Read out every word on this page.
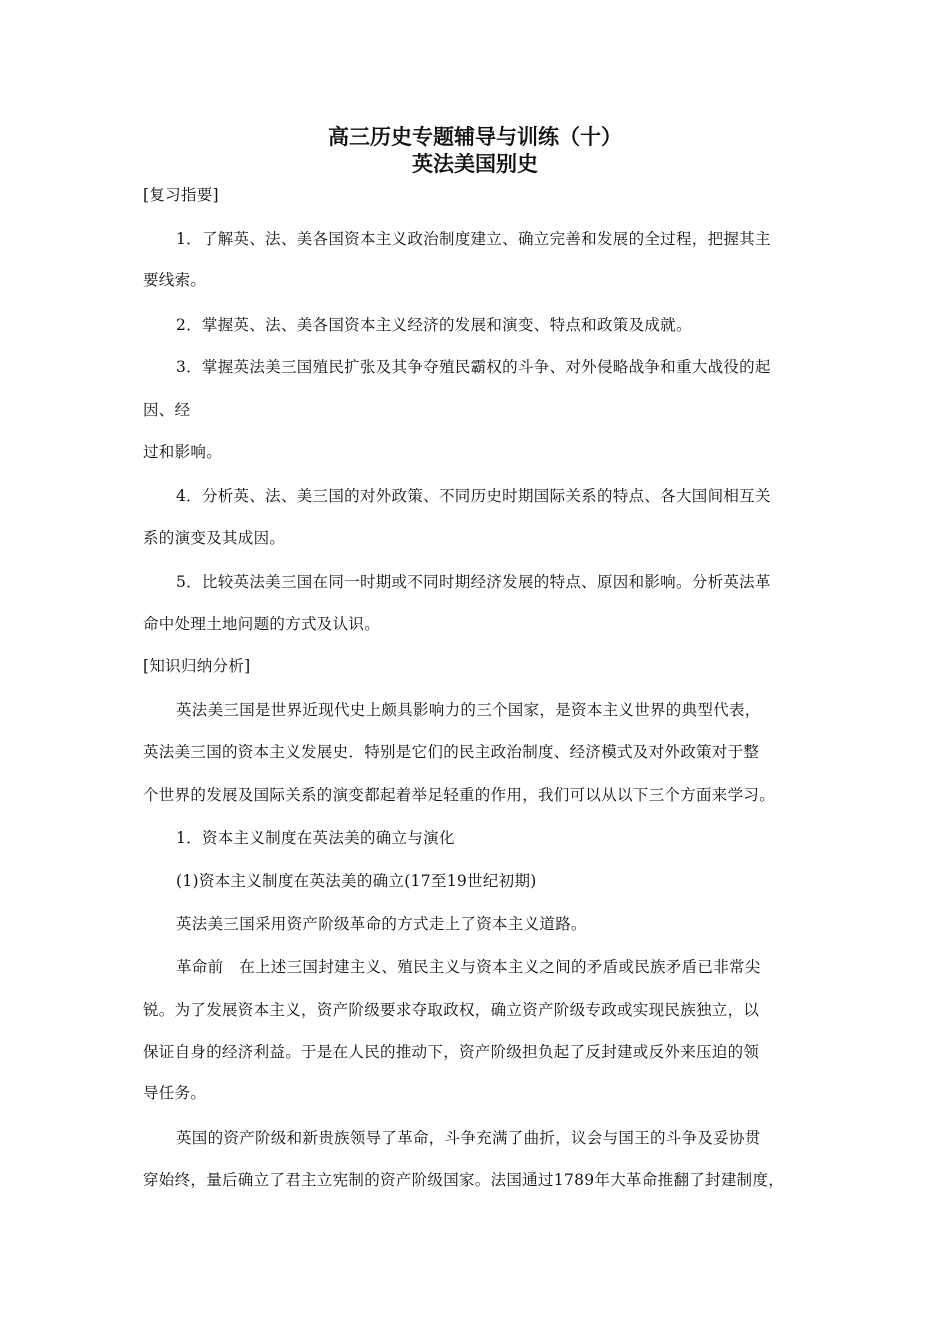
高三历史专题辅导与训练（十）
英法美国别史
[复习指要]
1．了解英、法、美各国资本主义政治制度建立、确立完善和发展的全过程，把握其主
要线索。
2．掌握英、法、美各国资本主义经济的发展和演变、特点和政策及成就。
3．掌握英法美三国殖民扩张及其争夺殖民霸权的斗争、对外侵略战争和重大战役的起
因、经
过和影响。
4．分析英、法、美三国的对外政策、不同历史时期国际关系的特点、各大国间相互关
系的演变及其成因。
5．比较英法美三国在同一时期或不同时期经济发展的特点、原因和影响。分析英法革
命中处理土地问题的方式及认识。
[知识归纳分析]
英法美三国是世界近现代史上颇具影响力的三个国家，是资本主义世界的典型代表，
英法美三国的资本主义发展史．特别是它们的民主政治制度、经济模式及对外政策对于整
个世界的发展及国际关系的演变都起着举足轻重的作用，我们可以从以下三个方面来学习。
1．资本主义制度在英法美的确立与演化
(1)资本主义制度在英法美的确立(17至19世纪初期)
英法美三国采用资产阶级革命的方式走上了资本主义道路。
革命前　在上述三国封建主义、殖民主义与资本主义之间的矛盾或民族矛盾已非常尖
锐。为了发展资本主义，资产阶级要求夺取政权，确立资产阶级专政或实现民族独立，以
保证自身的经济利益。于是在人民的推动下，资产阶级担负起了反封建或反外来压迫的领
导任务。
英国的资产阶级和新贵族领导了革命，斗争充满了曲折，议会与国王的斗争及妥协贯
穿始终，量后确立了君主立宪制的资产阶级国家。法国通过1789年大革命推翻了封建制度，
